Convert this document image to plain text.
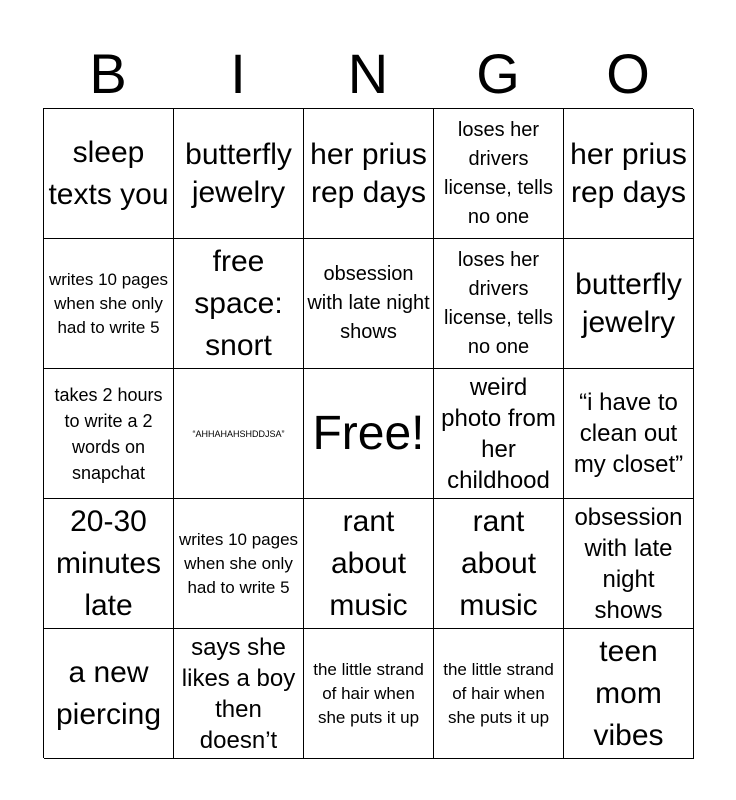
B	I	N	G	O
sleep texts you
butterfly jewelry
her prius rep days
loses her drivers license, tells no one
her prius rep days
writes 10 pages when she only had to write 5
free space: snort
obsession with late night shows
loses her drivers license, tells no one
butterfly jewelry
takes 2 hours to write a 2 words on snapchat
“AHHAHAHSHDDJSA” Free!
weird photo from her childhood
“i have to clean out my closet”
20-30 minutes late
writes 10 pages when she only had to write 5
rant about music
rant about music
obsession with late night shows
a new piercing
says she likes a boy then doesn’t
the little strand of hair when she puts it up
the little strand of hair when she puts it up
teen mom vibes
